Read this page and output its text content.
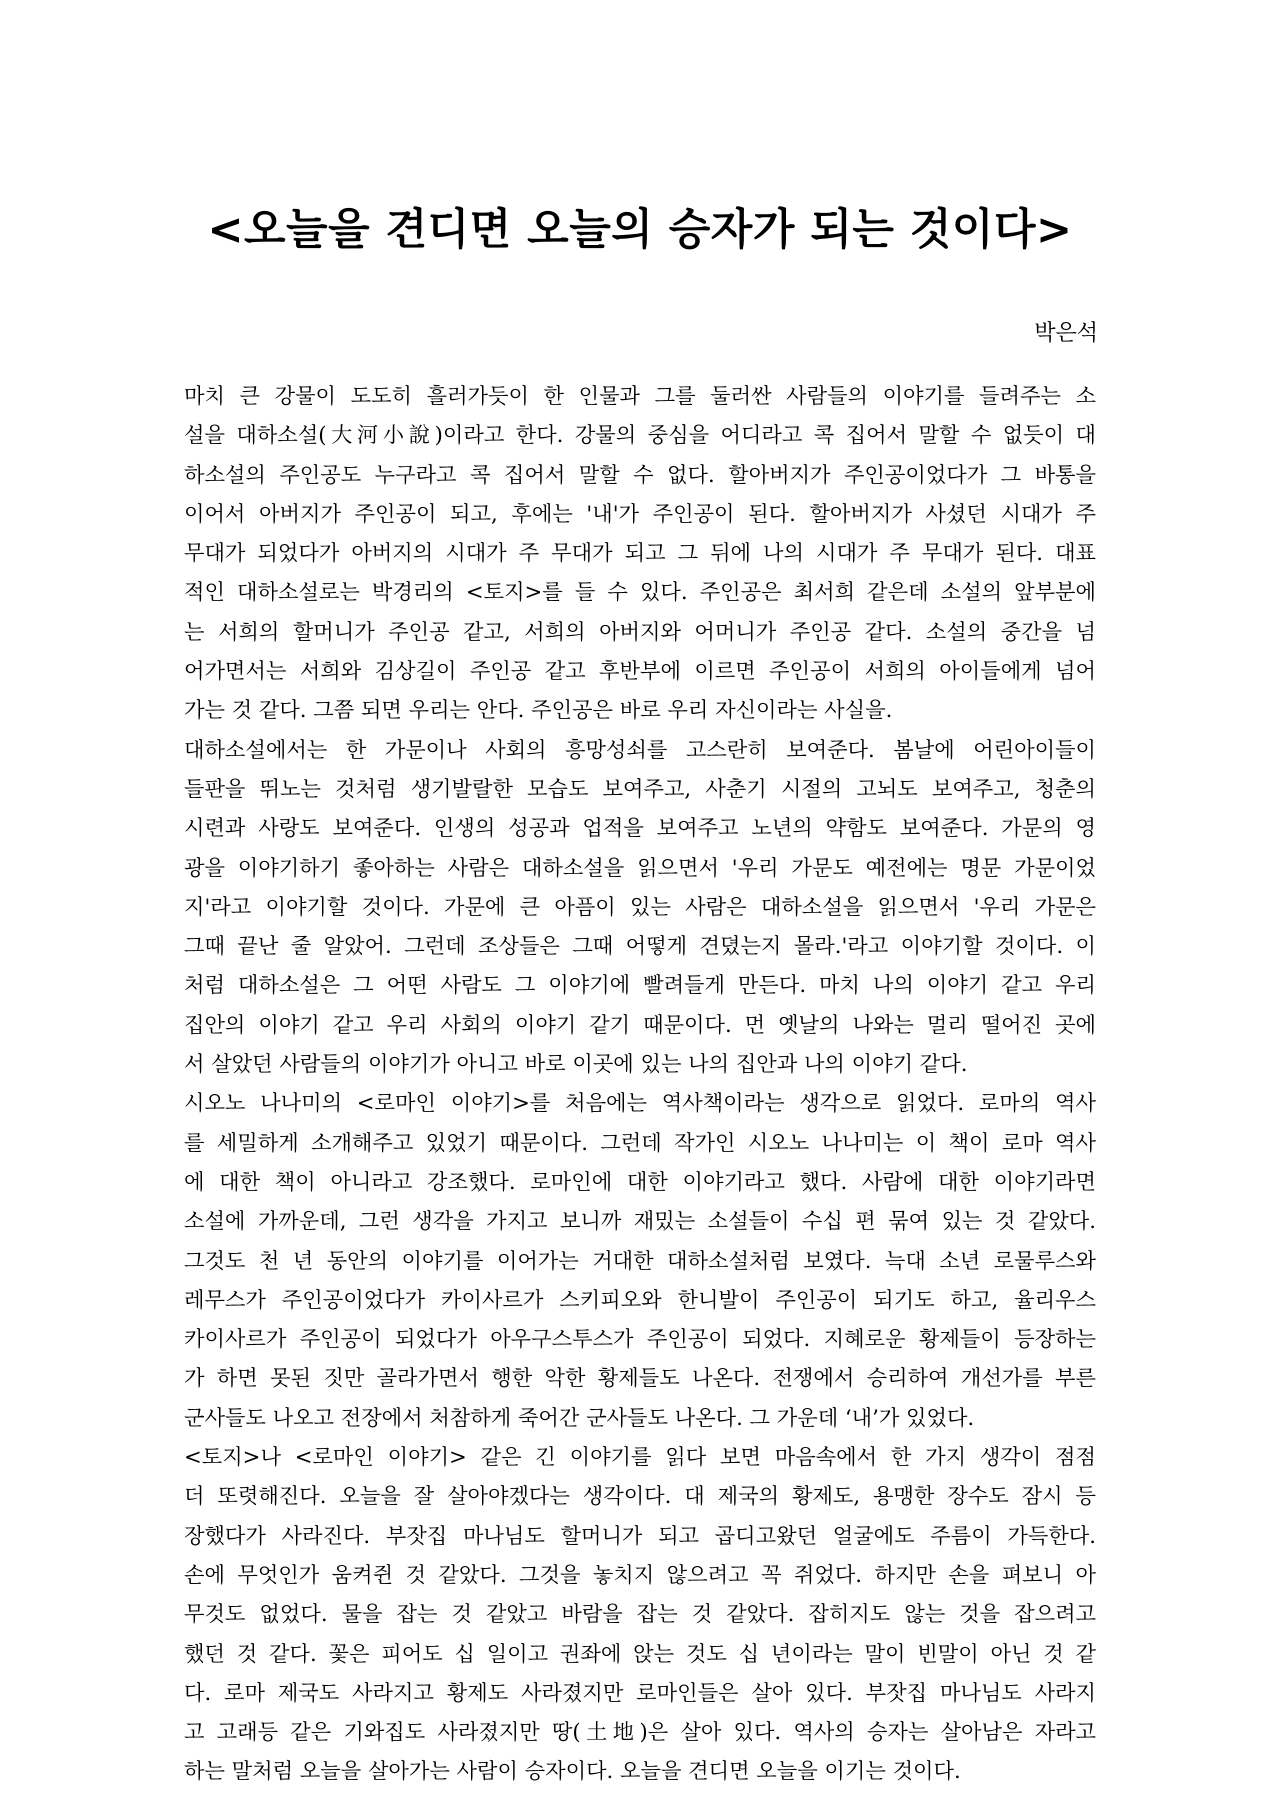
<오늘을 견디면 오늘의 승자가 되는 것이다>
박은석
마치 큰 강물이 도도히 흘러가듯이 한 인물과 그를 둘러싼 사람들의 이야기를 들려주는 소
설을 대하소설(大河小說)이라고 한다. 강물의 중심을 어디라고 콕 집어서 말할 수 없듯이 대
하소설의 주인공도 누구라고 콕 집어서 말할 수 없다. 할아버지가 주인공이었다가 그 바통을
이어서 아버지가 주인공이 되고, 후에는 '내'가 주인공이 된다. 할아버지가 사셨던 시대가 주
무대가 되었다가 아버지의 시대가 주 무대가 되고 그 뒤에 나의 시대가 주 무대가 된다. 대표
적인 대하소설로는 박경리의 <토지>를 들 수 있다. 주인공은 최서희 같은데 소설의 앞부분에
는 서희의 할머니가 주인공 같고, 서희의 아버지와 어머니가 주인공 같다. 소설의 중간을 넘
어가면서는 서희와 김상길이 주인공 같고 후반부에 이르면 주인공이 서희의 아이들에게 넘어
가는 것 같다. 그쯤 되면 우리는 안다. 주인공은 바로 우리 자신이라는 사실을.
대하소설에서는 한 가문이나 사회의 흥망성쇠를 고스란히 보여준다. 봄날에 어린아이들이
들판을 뛰노는 것처럼 생기발랄한 모습도 보여주고, 사춘기 시절의 고뇌도 보여주고, 청춘의
시련과 사랑도 보여준다. 인생의 성공과 업적을 보여주고 노년의 약함도 보여준다. 가문의 영
광을 이야기하기 좋아하는 사람은 대하소설을 읽으면서 '우리 가문도 예전에는 명문 가문이었
지'라고 이야기할 것이다. 가문에 큰 아픔이 있는 사람은 대하소설을 읽으면서 '우리 가문은
그때 끝난 줄 알았어. 그런데 조상들은 그때 어떻게 견뎠는지 몰라.'라고 이야기할 것이다. 이
처럼 대하소설은 그 어떤 사람도 그 이야기에 빨려들게 만든다. 마치 나의 이야기 같고 우리
집안의 이야기 같고 우리 사회의 이야기 같기 때문이다. 먼 옛날의 나와는 멀리 떨어진 곳에
서 살았던 사람들의 이야기가 아니고 바로 이곳에 있는 나의 집안과 나의 이야기 같다.
시오노 나나미의 <로마인 이야기>를 처음에는 역사책이라는 생각으로 읽었다. 로마의 역사
를 세밀하게 소개해주고 있었기 때문이다. 그런데 작가인 시오노 나나미는 이 책이 로마 역사
에 대한 책이 아니라고 강조했다. 로마인에 대한 이야기라고 했다. 사람에 대한 이야기라면
소설에 가까운데, 그런 생각을 가지고 보니까 재밌는 소설들이 수십 편 묶여 있는 것 같았다.
그것도 천 년 동안의 이야기를 이어가는 거대한 대하소설처럼 보였다. 늑대 소년 로물루스와
레무스가 주인공이었다가 카이사르가 스키피오와 한니발이 주인공이 되기도 하고, 율리우스
카이사르가 주인공이 되었다가 아우구스투스가 주인공이 되었다. 지혜로운 황제들이 등장하는
가 하면 못된 짓만 골라가면서 행한 악한 황제들도 나온다. 전쟁에서 승리하여 개선가를 부른
군사들도 나오고 전장에서 처참하게 죽어간 군사들도 나온다. 그 가운데 ‘내’가 있었다.
<토지>나 <로마인 이야기> 같은 긴 이야기를 읽다 보면 마음속에서 한 가지 생각이 점점
더 또렷해진다. 오늘을 잘 살아야겠다는 생각이다. 대 제국의 황제도, 용맹한 장수도 잠시 등
장했다가 사라진다. 부잣집 마나님도 할머니가 되고 곱디고왔던 얼굴에도 주름이 가득한다.
손에 무엇인가 움켜쥔 것 같았다. 그것을 놓치지 않으려고 꼭 쥐었다. 하지만 손을 펴보니 아
무것도 없었다. 물을 잡는 것 같았고 바람을 잡는 것 같았다. 잡히지도 않는 것을 잡으려고
했던 것 같다. 꽃은 피어도 십 일이고 권좌에 앉는 것도 십 년이라는 말이 빈말이 아닌 것 같
다. 로마 제국도 사라지고 황제도 사라졌지만 로마인들은 살아 있다. 부잣집 마나님도 사라지
고 고래등 같은 기와집도 사라졌지만 땅(土地)은 살아 있다. 역사의 승자는 살아남은 자라고
하는 말처럼 오늘을 살아가는 사람이 승자이다. 오늘을 견디면 오늘을 이기는 것이다.
